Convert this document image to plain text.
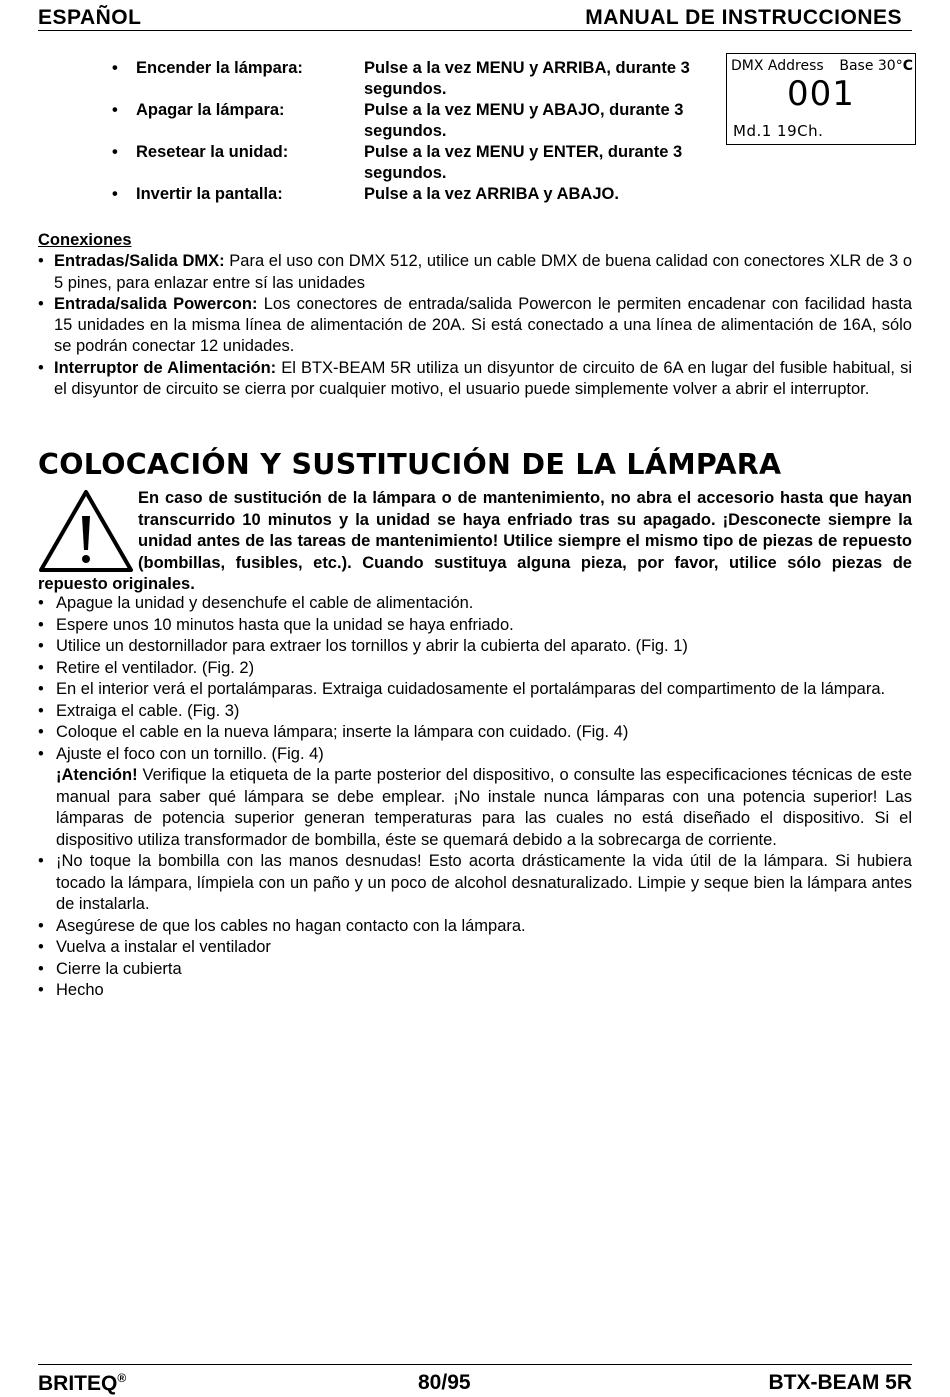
ESPAÑOL	MANUAL DE INSTRUCCIONES
• Encender la lámpara:	Pulse a la vez MENU y ARRIBA, durante 3 segundos.
• Apagar la lámpara:	Pulse a la vez MENU y ABAJO, durante 3 segundos.
• Resetear la unidad:	Pulse a la vez MENU y ENTER, durante 3 segundos.
• Invertir la pantalla:	Pulse a la vez ARRIBA y ABAJO.
DMX Address Base 30°C
001
Md.1 19Ch.
Conexiones
• Entradas/Salida DMX: Para el uso con DMX 512, utilice un cable DMX de buena calidad con conectores XLR de 3 o 5 pines, para enlazar entre sí las unidades
• Entrada/salida Powercon: Los conectores de entrada/salida Powercon le permiten encadenar con facilidad hasta 15 unidades en la misma línea de alimentación de 20A. Si está conectado a una línea de alimentación de 16A, sólo se podrán conectar 12 unidades.
• Interruptor de Alimentación: El BTX-BEAM 5R utiliza un disyuntor de circuito de 6A en lugar del fusible habitual, si el disyuntor de circuito se cierra por cualquier motivo, el usuario puede simplemente volver a abrir el interruptor.
COLOCACIÓN Y SUSTITUCIÓN DE LA LÁMPARA
En caso de sustitución de la lámpara o de mantenimiento, no abra el accesorio hasta que hayan transcurrido 10 minutos y la unidad se haya enfriado tras su apagado. ¡Desconecte siempre la unidad antes de las tareas de mantenimiento! Utilice siempre el mismo tipo de piezas de repuesto (bombillas, fusibles, etc.). Cuando sustituya alguna pieza, por favor, utilice sólo piezas de repuesto originales.
• Apague la unidad y desenchufe el cable de alimentación.
• Espere unos 10 minutos hasta que la unidad se haya enfriado.
• Utilice un destornillador para extraer los tornillos y abrir la cubierta del aparato. (Fig. 1)
• Retire el ventilador. (Fig. 2)
• En el interior verá el portalámparas. Extraiga cuidadosamente el portalámparas del compartimento de la lámpara.
• Extraiga el cable. (Fig. 3)
• Coloque el cable en la nueva lámpara; inserte la lámpara con cuidado. (Fig. 4)
• Ajuste el foco con un tornillo. (Fig. 4)
¡Atención! Verifique la etiqueta de la parte posterior del dispositivo, o consulte las especificaciones técnicas de este manual para saber qué lámpara se debe emplear. ¡No instale nunca lámparas con una potencia superior! Las lámparas de potencia superior generan temperaturas para las cuales no está diseñado el dispositivo. Si el dispositivo utiliza transformador de bombilla, éste se quemará debido a la sobrecarga de corriente.
• ¡No toque la bombilla con las manos desnudas! Esto acorta drásticamente la vida útil de la lámpara. Si hubiera tocado la lámpara, límpiela con un paño y un poco de alcohol desnaturalizado. Limpie y seque bien la lámpara antes de instalarla.
• Asegúrese de que los cables no hagan contacto con la lámpara.
• Vuelva a instalar el ventilador
• Cierre la cubierta
• Hecho
BRITEQ®	80/95	BTX-BEAM 5R
